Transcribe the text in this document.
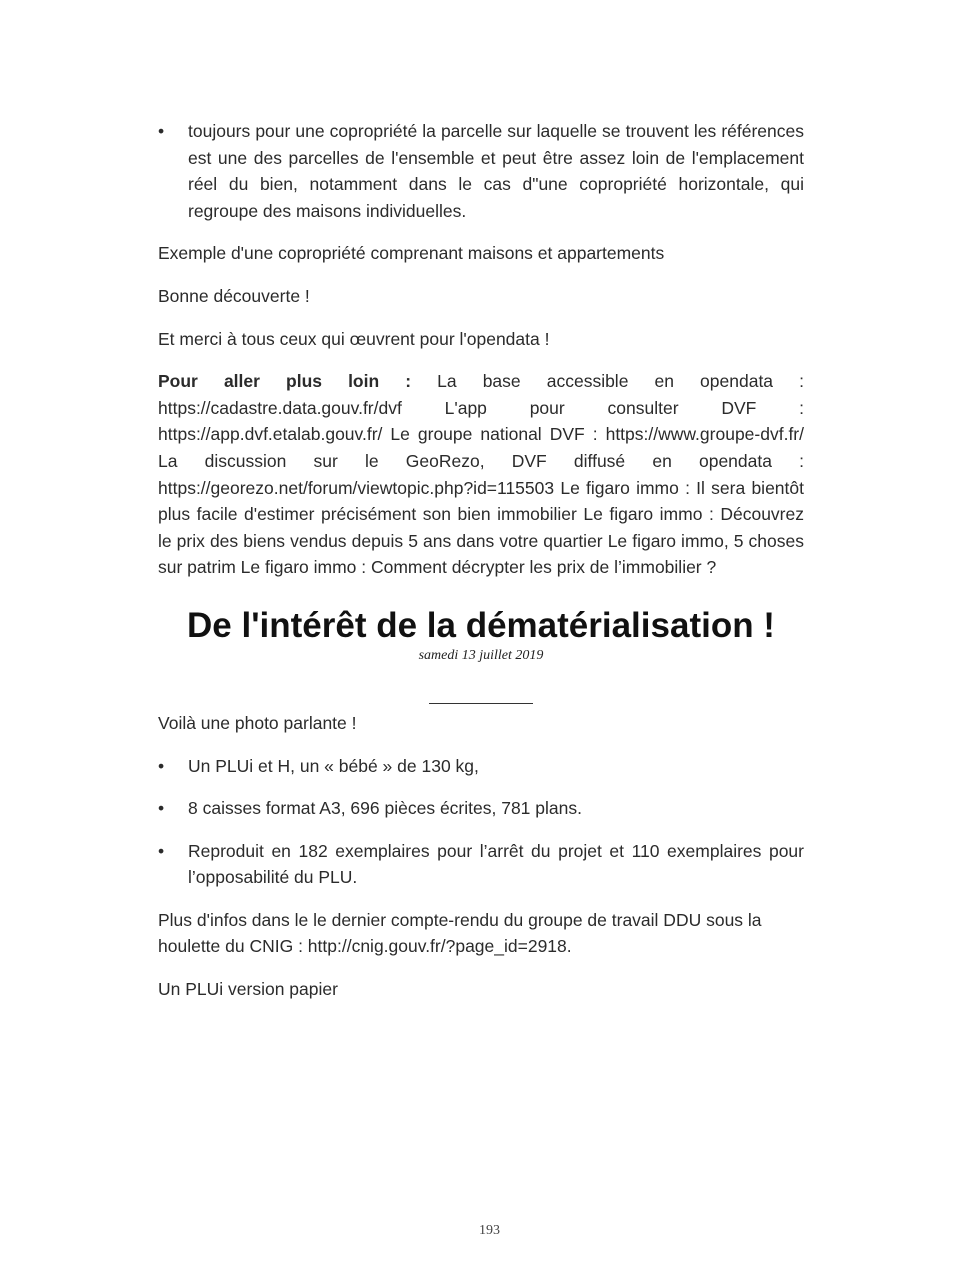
• toujours pour une copropriété la parcelle sur laquelle se trouvent les références est une des parcelles de l'ensemble et peut être assez loin de l'emplacement réel du bien, notamment dans le cas d"une copropriété horizontale, qui regroupe des maisons individuelles.

Exemple d'une copropriété comprenant maisons et appartements

Bonne découverte !

Et merci à tous ceux qui œuvrent pour l'opendata !

Pour aller plus loin : La base accessible en opendata : https://cadastre.data.gouv.fr/dvf L'app pour consulter DVF : https://app.dvf.etalab.gouv.fr/ Le groupe national DVF : https://www.groupe-dvf.fr/ La discussion sur le GeoRezo, DVF diffusé en opendata : https://georezo.net/forum/viewtopic.php?id=115503 Le figaro immo : Il sera bientôt plus facile d'estimer précisément son bien immobilier Le figaro immo : Découvrez le prix des biens vendus depuis 5 ans dans votre quartier Le figaro immo, 5 choses sur patrim Le figaro immo : Comment décrypter les prix de l’immobilier ?

De l'intérêt de la dématérialisation !
samedi 13 juillet 2019

Voilà une photo parlante !

• Un PLUi et H, un « bébé » de 130 kg,
• 8 caisses format A3, 696 pièces écrites, 781 plans.
• Reproduit en 182 exemplaires pour l’arrêt du projet et 110 exemplaires pour l’opposabilité du PLU.

Plus d'infos dans le le dernier compte-rendu du groupe de travail DDU sous la houlette du CNIG : http://cnig.gouv.fr/?page_id=2918.

Un PLUi version papier

193
